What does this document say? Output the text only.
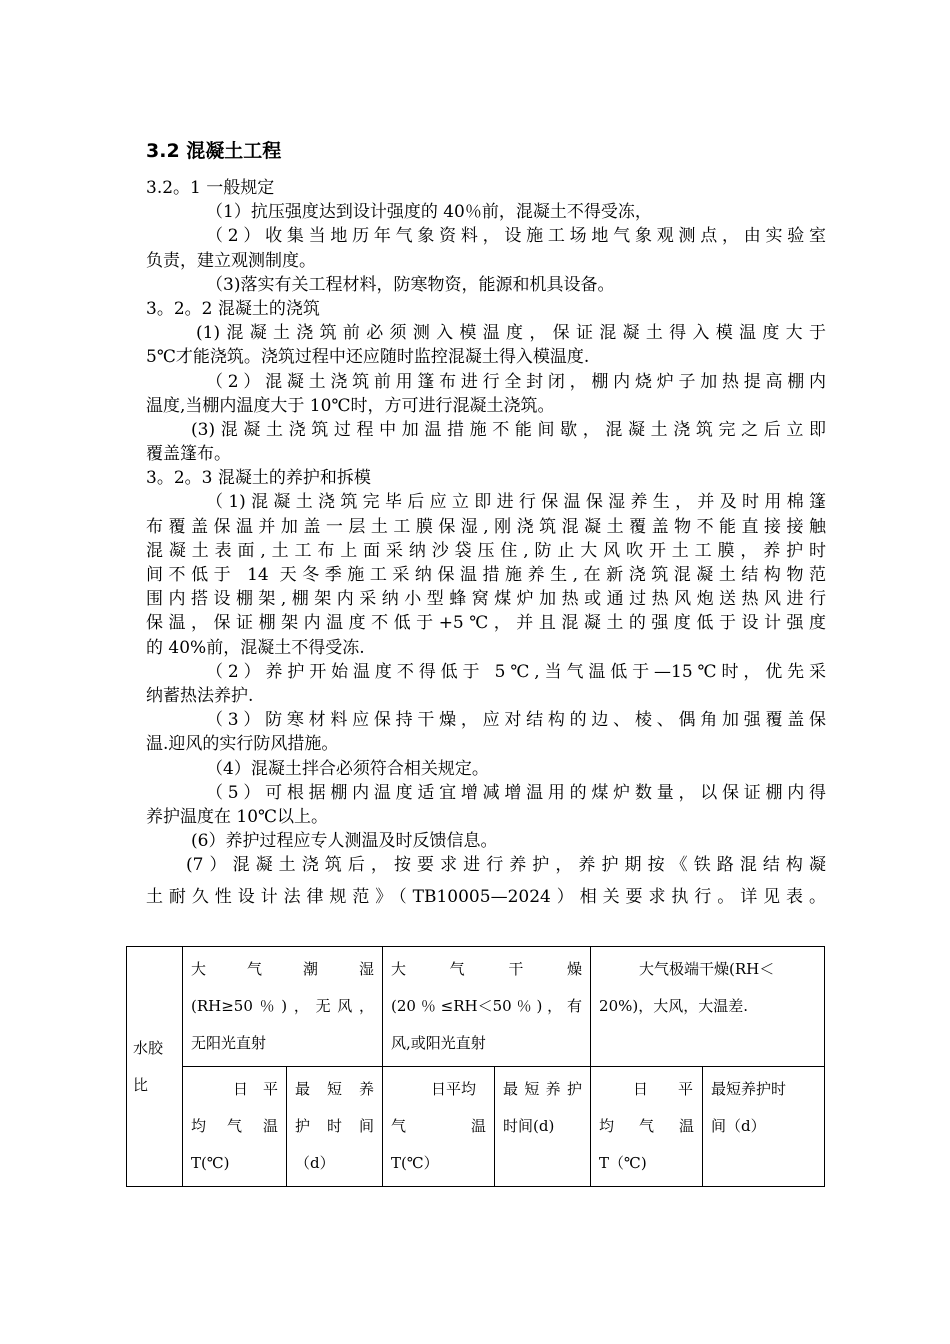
3.2 混凝土工程
3.2。1 一般规定
（1）抗压强度达到设计强度的 40％前，混凝土不得受冻，
（2）收集当地历年气象资料，设施工场地气象观测点，由实验室
负责，建立观测制度。
（3)落实有关工程材料，防寒物资，能源和机具设备。
3。2。2 混凝土的浇筑
(1)混凝土浇筑前必须测入模温度，保证混凝土得入模温度大于
5℃才能浇筑。浇筑过程中还应随时监控混凝土得入模温度.
（2）混凝土浇筑前用篷布进行全封闭，棚内烧炉子加热提高棚内
温度,当棚内温度大于 10℃时，方可进行混凝土浇筑。
(3)混凝土浇筑过程中加温措施不能间歇，混凝土浇筑完之后立即
覆盖篷布。
3。2。3 混凝土的养护和拆模
（1)混凝土浇筑完毕后应立即进行保温保湿养生，并及时用棉篷
布覆盖保温并加盖一层土工膜保湿,刚浇筑混凝土覆盖物不能直接接触
混凝土表面,土工布上面采纳沙袋压住,防止大风吹开土工膜，养护时
间不低于 14 天冬季施工采纳保温措施养生,在新浇筑混凝土结构物范
围内搭设棚架,棚架内采纳小型蜂窝煤炉加热或通过热风炮送热风进行
保温，保证棚架内温度不低于+5℃，并且混凝土的强度低于设计强度
的 40%前，混凝土不得受冻.
（2）养护开始温度不得低于 5℃,当气温低于—15℃时，优先采
纳蓄热法养护.
（3）防寒材料应保持干燥，应对结构的边、棱、偶角加强覆盖保
温.迎风的实行防风措施。
（4）混凝土拌合必须符合相关规定。
（5）可根据棚内温度适宜增减增温用的煤炉数量，以保证棚内得
养护温度在 10℃以上。
(6）养护过程应专人测温及时反馈信息。
(7）混凝土浇筑后，按要求进行养护，养护期按《铁路混结构凝
土耐久性设计法律规范》（TB10005—2024）相关要求执行。详见表。
水胶比	大　　气　　潮　　湿
(RH≥50％)，无风，
无阳光直射		大　　气　　干　　燥
(20％≤RH＜50％)，有
风,或阳光直射		大气极端干燥(RH＜
20%)，大风，大温差.	

	日　平
均　气　温
T(℃)	最　短　养
护　时　间
（d）	日平均
气　　　温
T(℃）	最短养护
时间(d)	日　　平
均　气　温
T（℃)	最短养护时
间（d）
